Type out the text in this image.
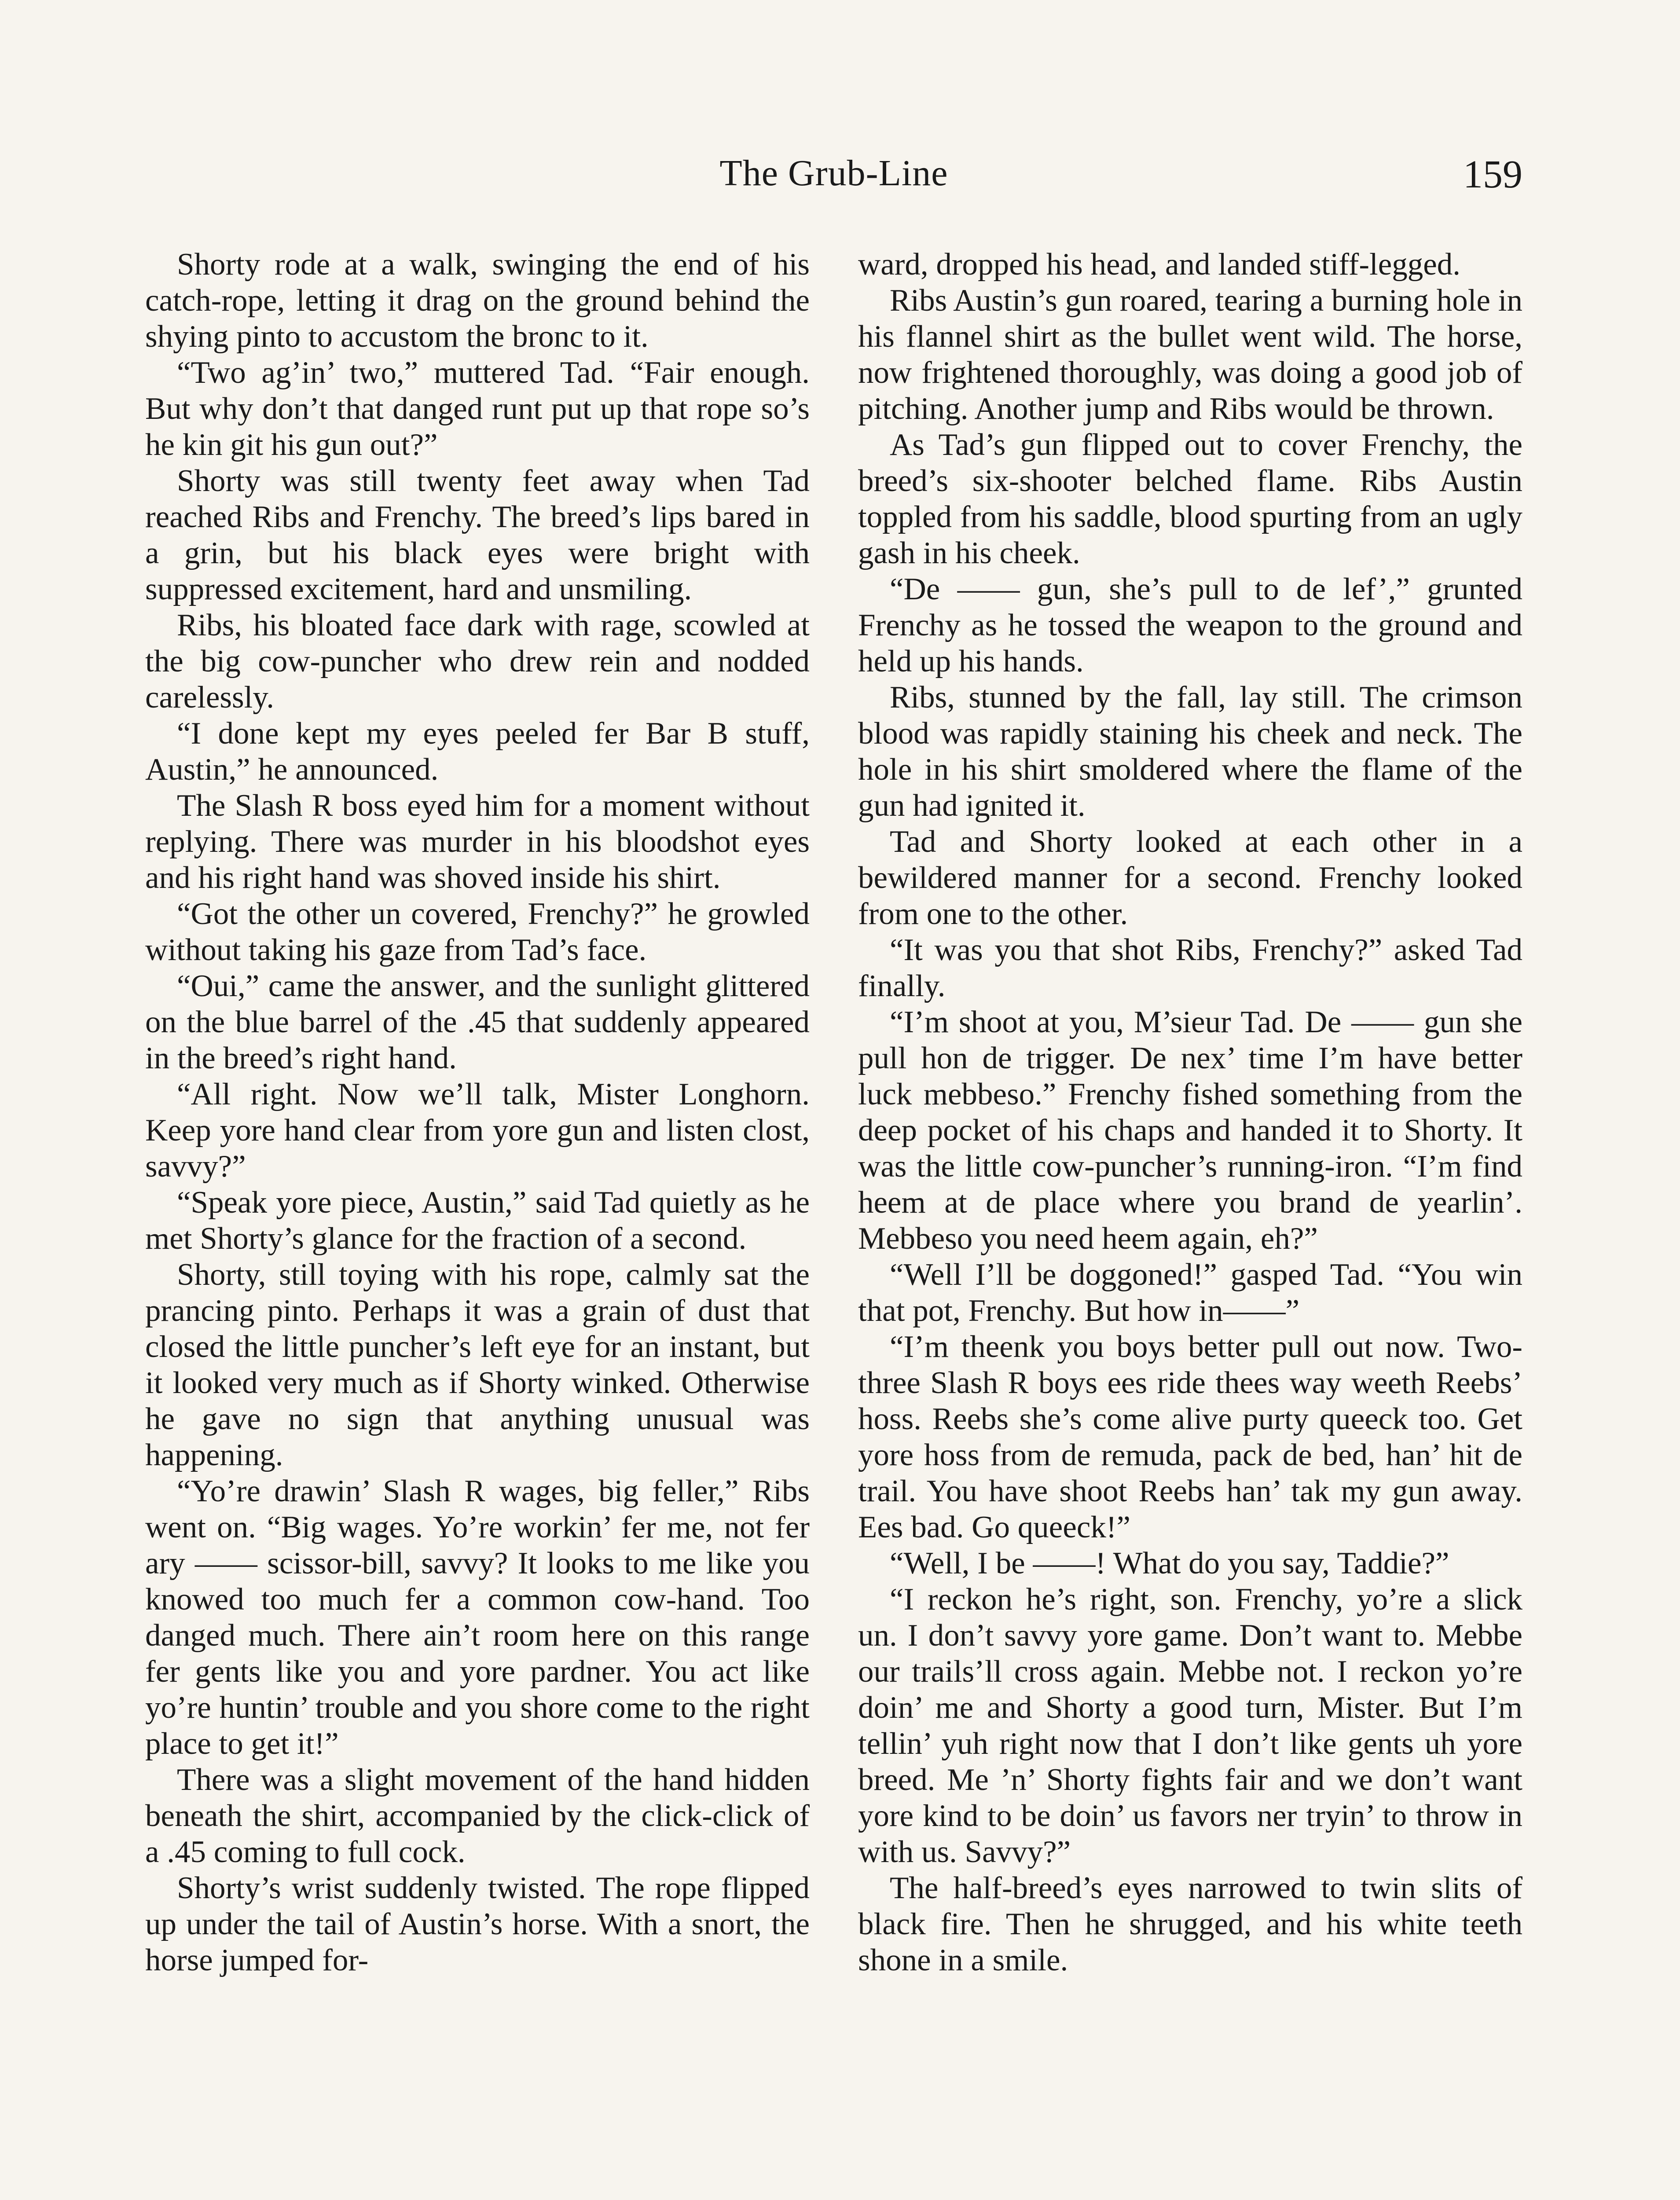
The Grub-Line	159

Shorty rode at a walk, swinging the end of his catch-rope, letting it drag on the ground behind the shying pinto to accustom the bronc to it.

“Two ag’in’ two,” muttered Tad. “Fair enough. But why don’t that danged runt put up that rope so’s he kin git his gun out?”

Shorty was still twenty feet away when Tad reached Ribs and Frenchy. The breed’s lips bared in a grin, but his black eyes were bright with suppressed excitement, hard and unsmiling.

Ribs, his bloated face dark with rage, scowled at the big cow-puncher who drew rein and nodded carelessly.

“I done kept my eyes peeled fer Bar B stuff, Austin,” he announced.

The Slash R boss eyed him for a moment without replying. There was murder in his bloodshot eyes and his right hand was shoved inside his shirt.

“Got the other un covered, Frenchy?” he growled without taking his gaze from Tad’s face.

“Oui,” came the answer, and the sunlight glittered on the blue barrel of the .45 that suddenly appeared in the breed’s right hand.

“All right. Now we’ll talk, Mister Longhorn. Keep yore hand clear from yore gun and listen clost, savvy?”

“Speak yore piece, Austin,” said Tad quietly as he met Shorty’s glance for the fraction of a second.

Shorty, still toying with his rope, calmly sat the prancing pinto. Perhaps it was a grain of dust that closed the little puncher’s left eye for an instant, but it looked very much as if Shorty winked. Otherwise he gave no sign that anything unusual was happening.

“Yo’re drawin’ Slash R wages, big feller,” Ribs went on. “Big wages. Yo’re workin’ fer me, not fer ary —— scissor-bill, savvy? It looks to me like you knowed too much fer a common cow-hand. Too danged much. There ain’t room here on this range fer gents like you and yore pardner. You act like yo’re huntin’ trouble and you shore come to the right place to get it!”

There was a slight movement of the hand hidden beneath the shirt, accompanied by the click-click of a .45 coming to full cock.

Shorty’s wrist suddenly twisted. The rope flipped up under the tail of Austin’s horse. With a snort, the horse jumped for-

ward, dropped his head, and landed stiff-legged.

Ribs Austin’s gun roared, tearing a burning hole in his flannel shirt as the bullet went wild. The horse, now frightened thoroughly, was doing a good job of pitching. Another jump and Ribs would be thrown.

As Tad’s gun flipped out to cover Frenchy, the breed’s six-shooter belched flame. Ribs Austin toppled from his saddle, blood spurting from an ugly gash in his cheek.

“De —— gun, she’s pull to de lef’,” grunted Frenchy as he tossed the weapon to the ground and held up his hands.

Ribs, stunned by the fall, lay still. The crimson blood was rapidly staining his cheek and neck. The hole in his shirt smoldered where the flame of the gun had ignited it.

Tad and Shorty looked at each other in a bewildered manner for a second. Frenchy looked from one to the other.

“It was you that shot Ribs, Frenchy?” asked Tad finally.

“I’m shoot at you, M’sieur Tad. De —— gun she pull hon de trigger. De nex’ time I’m have better luck mebbeso.” Frenchy fished something from the deep pocket of his chaps and handed it to Shorty. It was the little cow-puncher’s running-iron. “I’m find heem at de place where you brand de yearlin’. Mebbeso you need heem again, eh?”

“Well I’ll be doggoned!” gasped Tad. “You win that pot, Frenchy. But how in——”

“I’m theenk you boys better pull out now. Two-three Slash R boys ees ride thees way weeth Reebs’ hoss. Reebs she’s come alive purty queeck too. Get yore hoss from de remuda, pack de bed, han’ hit de trail. You have shoot Reebs han’ tak my gun away. Ees bad. Go queeck!”

“Well, I be ——! What do you say, Taddie?”

“I reckon he’s right, son. Frenchy, yo’re a slick un. I don’t savvy yore game. Don’t want to. Mebbe our trails’ll cross again. Mebbe not. I reckon yo’re doin’ me and Shorty a good turn, Mister. But I’m tellin’ yuh right now that I don’t like gents uh yore breed. Me ’n’ Shorty fights fair and we don’t want yore kind to be doin’ us favors ner tryin’ to throw in with us. Savvy?”

The half-breed’s eyes narrowed to twin slits of black fire. Then he shrugged, and his white teeth shone in a smile.
